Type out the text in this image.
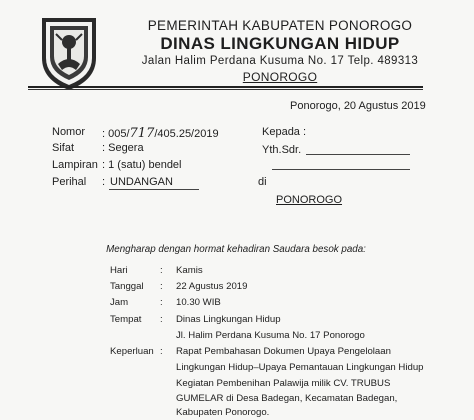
PEMERINTAH KABUPATEN PONOROGO
DINAS LINGKUNGAN HIDUP
Jalan Halim Perdana Kusuma No. 17 Telp. 489313
PONOROGO
Ponorogo, 20 Agustus 2019
Nomor : 005/717/405.25/2019
Sifat	: Segera
Lampiran : 1 (satu) bendel
Perihal : UNDANGAN
Kepada :
Yth.Sdr.
di
PONOROGO
Mengharap dengan hormat kehadiran Saudara besok pada:
Hari	: Kamis
Tanggal : 22 Agustus 2019
Jam	: 10.30 WIB
Tempat : Dinas Lingkungan Hidup
Jl. Halim Perdana Kusuma No. 17 Ponorogo
Keperluan : Rapat Pembahasan Dokumen Upaya Pengelolaan
Lingkungan Hidup–Upaya Pemantauan Lingkungan Hidup
Kegiatan Pembenihan Palawija milik CV. TRUBUS
GUMELAR di Desa Badegan, Kecamatan Badegan,
Kabupaten Ponorogo.
